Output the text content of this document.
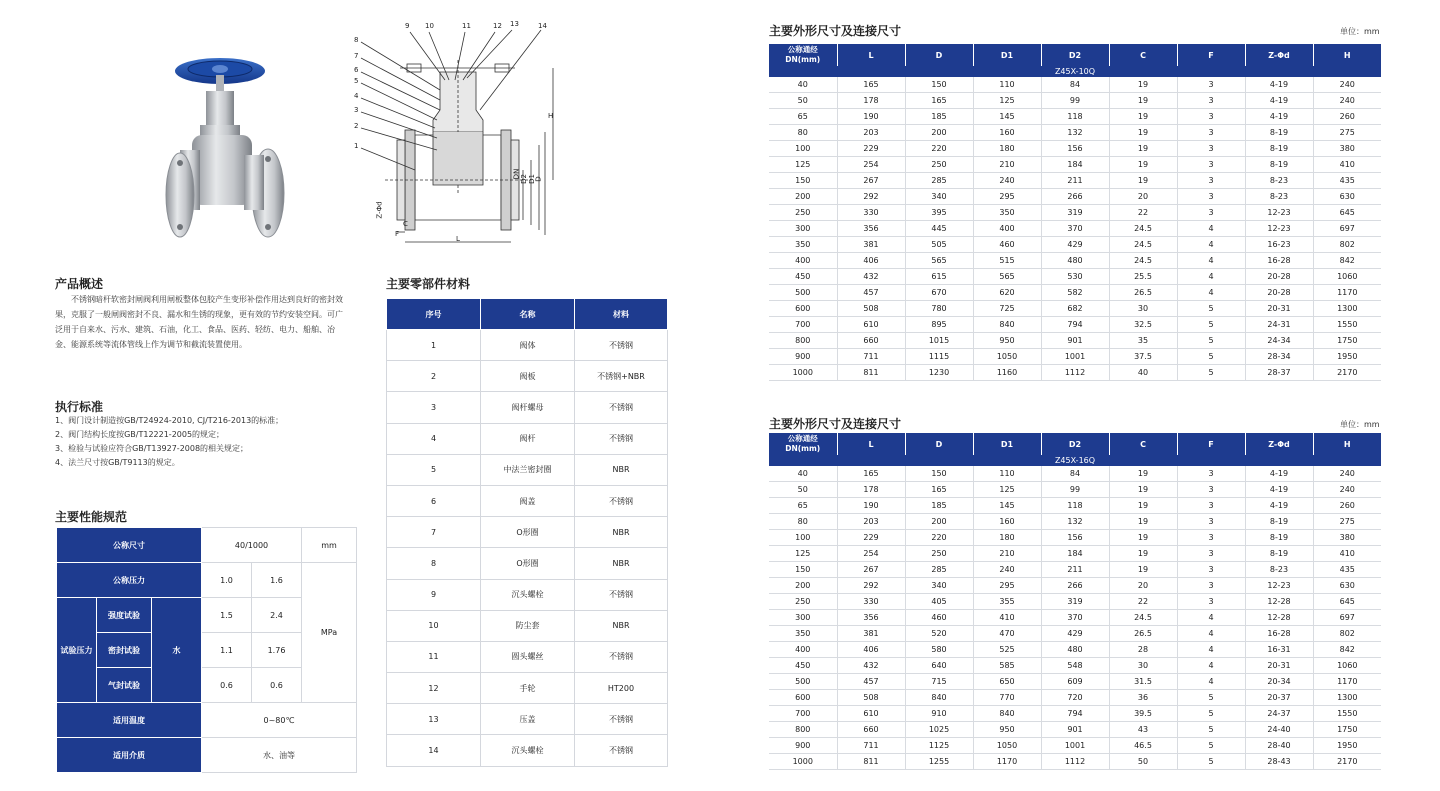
9 10	11	12 13	14
8
7
6
5
4
3
2
1
H
DN D2 D1
D
L
Z-Φd
C
F
产品概述
不锈钢暗杆软密封闸阀利用闸板整体包胶产生变形补偿作用达到良好的密封效
果，克服了一般闸阀密封不良、漏水和生锈的现象，更有效的节约安装空间。可广
泛用于自来水、污水、建筑、石油，化工、食品、医药、轻纺、电力、船舶、冶
金、能源系统等流体管线上作为调节和截流装置使用。
执行标准
1、阀门设计制造按GB/T24924-2010, CJ/T216-2013的标准；
2、阀门结构长度按GB/T12221-2005的规定；
3、检验与试验应符合GB/T13927-2008的相关规定；
4、法兰尺寸按GB/T9113的规定。
主要性能规范
公称尺寸			40/1000		mm
公称压力			1.0	1.6	MPa
试验压力	强度试验	水	1.5	2.4	
	密封试验		1.1	1.76	
	气封试验		0.6	0.6	
适用温度			0~80℃		
适用介质			水、油等		
主要零部件材料
序号	名称	材料
1	阀体	不锈钢
2	阀板	不锈钢+NBR
3	阀杆螺母	不锈钢
4	阀杆	不锈钢
5	中法兰密封圈	NBR
6	阀盖	不锈钢
7	O形圈	NBR
8	O形圈	NBR
9	沉头螺栓	不锈钢
10	防尘套	NBR
11	圆头螺丝	不锈钢
12	手轮	HT200
13	压盖	不锈钢
14	沉头螺栓	不锈钢
主要外形尺寸及连接尺寸	单位：mm
公称通经
DN(mm)	L	D	D1	D2	C	F	Z-Φd	H
Z45X-10Q								
40	165	150	110	84	19	3	4-19	240
50	178	165	125	99	19	3	4-19	240
65	190	185	145	118	19	3	4-19	260
80	203	200	160	132	19	3	8-19	275
100	229	220	180	156	19	3	8-19	380
125	254	250	210	184	19	3	8-19	410
150	267	285	240	211	19	3	8-23	435
200	292	340	295	266	20	3	8-23	630
250	330	395	350	319	22	3	12-23	645
300	356	445	400	370	24.5	4	12-23	697
350	381	505	460	429	24.5	4	16-23	802
400	406	565	515	480	24.5	4	16-28	842
450	432	615	565	530	25.5	4	20-28	1060
500	457	670	620	582	26.5	4	20-28	1170
600	508	780	725	682	30	5	20-31	1300
700	610	895	840	794	32.5	5	24-31	1550
800	660	1015	950	901	35	5	24-34	1750
900	711	1115	1050	1001	37.5	5	28-34	1950
1000	811	1230	1160	1112	40	5	28-37	2170
主要外形尺寸及连接尺寸	单位：mm
公称通经
DN(mm)	L	D	D1	D2	C	F	Z-Φd	H
Z45X-16Q								
40	165	150	110	84	19	3	4-19	240
50	178	165	125	99	19	3	4-19	240
65	190	185	145	118	19	3	4-19	260
80	203	200	160	132	19	3	8-19	275
100	229	220	180	156	19	3	8-19	380
125	254	250	210	184	19	3	8-19	410
150	267	285	240	211	19	3	8-23	435
200	292	340	295	266	20	3	12-23	630
250	330	405	355	319	22	3	12-28	645
300	356	460	410	370	24.5	4	12-28	697
350	381	520	470	429	26.5	4	16-28	802
400	406	580	525	480	28	4	16-31	842
450	432	640	585	548	30	4	20-31	1060
500	457	715	650	609	31.5	4	20-34	1170
600	508	840	770	720	36	5	20-37	1300
700	610	910	840	794	39.5	5	24-37	1550
800	660	1025	950	901	43	5	24-40	1750
900	711	1125	1050	1001	46.5	5	28-40	1950
1000	811	1255	1170	1112	50	5	28-43	2170
